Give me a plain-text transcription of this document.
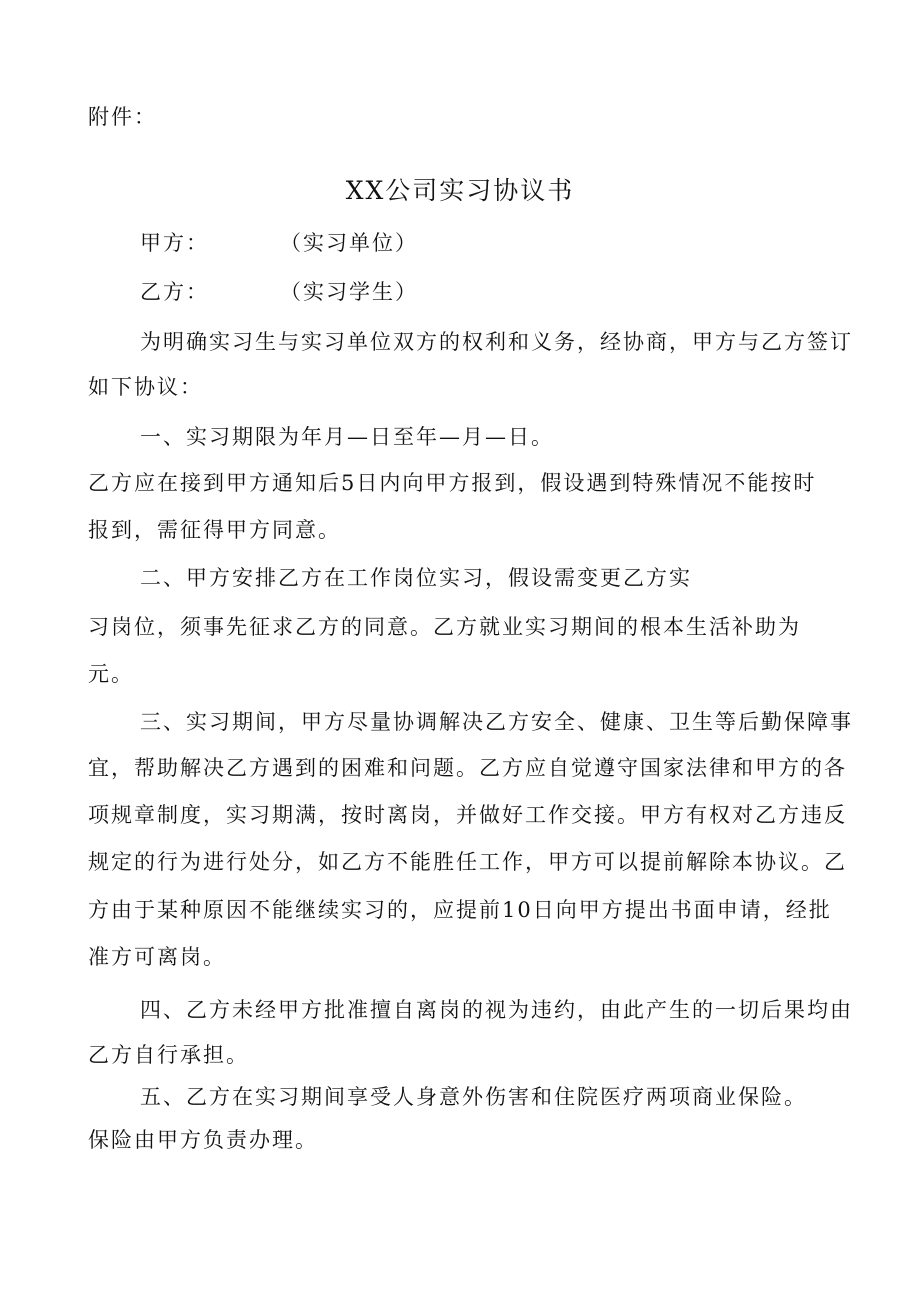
附件：
XX公司实习协议书
甲方：	（实习单位）
乙方：	（实习学生）
为明确实习生与实习单位双方的权利和义务，经协商，甲方与乙方签订
如下协议：
一、实习期限为年月—日至年—月—日。
乙方应在接到甲方通知后5日内向甲方报到，假设遇到特殊情况不能按时
报到，需征得甲方同意。
二、甲方安排乙方在工作岗位实习，假设需变更乙方实
习岗位，须事先征求乙方的同意。乙方就业实习期间的根本生活补助为
元。
三、实习期间，甲方尽量协调解决乙方安全、健康、卫生等后勤保障事
宜，帮助解决乙方遇到的困难和问题。乙方应自觉遵守国家法律和甲方的各
项规章制度，实习期满，按时离岗，并做好工作交接。甲方有权对乙方违反
规定的行为进行处分，如乙方不能胜任工作，甲方可以提前解除本协议。乙
方由于某种原因不能继续实习的，应提前10日向甲方提出书面申请，经批
准方可离岗。
四、乙方未经甲方批准擅自离岗的视为违约，由此产生的一切后果均由
乙方自行承担。
五、乙方在实习期间享受人身意外伤害和住院医疗两项商业保险。
保险由甲方负责办理。
